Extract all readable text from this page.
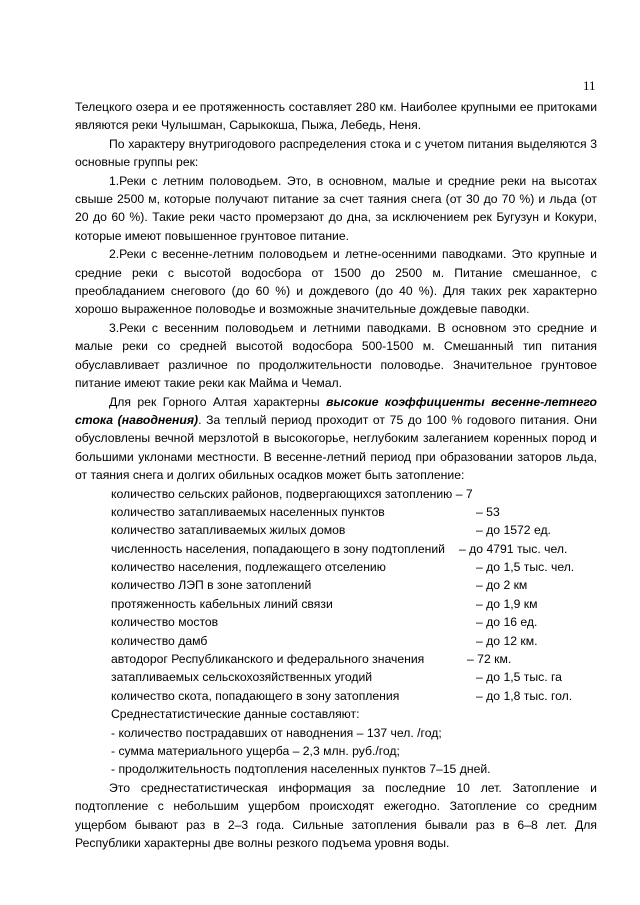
11

Телецкого озера и ее протяженность составляет 280 км. Наиболее крупными ее притоками являются реки Чулышман, Сарыкокша, Пыжа, Лебедь, Неня.

По характеру внутригодового распределения стока и с учетом питания выделяются 3 основные группы рек:

1.Реки с летним половодьем. Это, в основном, малые и средние реки на высотах свыше 2500 м, которые получают питание за счет таяния снега (от 30 до 70 %) и льда (от 20 до 60 %). Такие реки часто промерзают до дна, за исключением рек Бугузун и Кокури, которые имеют повышенное грунтовое питание.

2.Реки с весенне-летним половодьем и летне-осенними паводками. Это крупные и средние реки с высотой водосбора от 1500 до 2500 м. Питание смешанное, с преобладанием снегового (до 60 %) и дождевого (до 40 %). Для таких рек характерно хорошо выраженное половодье и возможные значительные дождевые паводки.

3.Реки с весенним половодьем и летними паводками. В основном это средние и малые реки со средней высотой водосбора 500-1500 м. Смешанный тип питания обуславливает различное по продолжительности половодье. Значительное грунтовое питание имеют такие реки как Майма и Чемал.

Для рек Горного Алтая характерны высокие коэффициенты весенне-летнего стока (наводнения). За теплый период проходит от 75 до 100 % годового питания. Они обусловлены вечной мерзлотой в высокогорье, неглубоким залеганием коренных пород и большими уклонами местности. В весенне-летний период при образовании заторов льда, от таяния снега и долгих обильных осадков может быть затопление:

количество сельских районов, подвергающихся затоплению – 7
количество затапливаемых населенных пунктов	– 53
количество затапливаемых жилых домов	– до 1572 ед.
численность населения, попадающего в зону подтоплений – до 4791 тыс. чел.
количество населения, подлежащего отселению	– до 1,5 тыс. чел.
количество ЛЭП в зоне затоплений	– до 2 км
протяженность кабельных линий связи	– до 1,9 км
количество мостов	– до 16 ед.
количество дамб	– до 12 км.
автодорог Республиканского и федерального значения	– 72 км.
затапливаемых сельскохозяйственных угодий	– до 1,5 тыс. га
количество скота, попадающего в зону затопления	– до 1,8 тыс. гол.
Среднестатистические данные составляют:
- количество пострадавших от наводнения – 137 чел. /год;
- сумма материального ущерба – 2,3 млн. руб./год;
- продолжительность подтопления населенных пунктов 7–15 дней.

Это среднестатистическая информация за последние 10 лет. Затопление и подтопление с небольшим ущербом происходят ежегодно. Затопление со средним ущербом бывают раз в 2–3 года. Сильные затопления бывали раз в 6–8 лет. Для Республики характерны две волны резкого подъема уровня воды.
